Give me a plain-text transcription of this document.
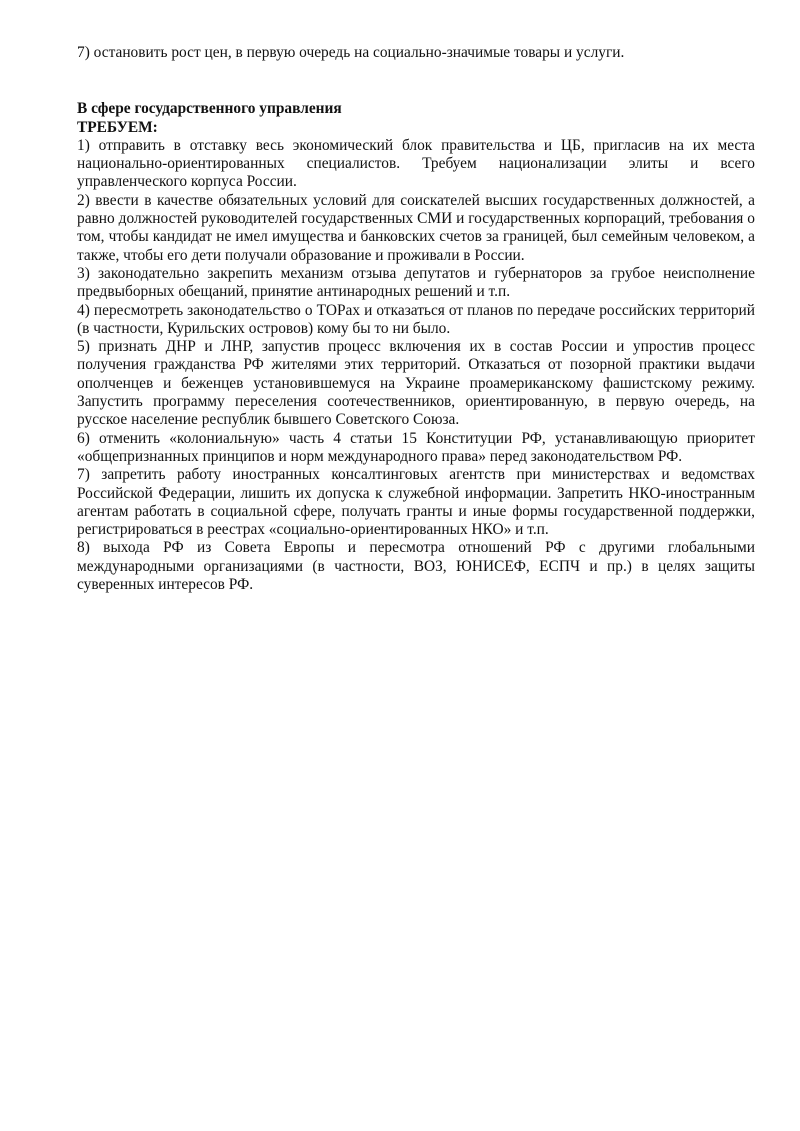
7) остановить рост цен, в первую очередь на социально-значимые товары и услуги.

В сфере государственного управления

ТРЕБУЕМ:

1) отправить в отставку весь экономический блок правительства и ЦБ, пригласив на их места национально-ориентированных специалистов. Требуем национализации элиты и всего управленческого корпуса России.

2) ввести в качестве обязательных условий для соискателей высших государственных должностей, а равно должностей руководителей государственных СМИ и государственных корпораций, требования о том, чтобы кандидат не имел имущества и банковских счетов за границей, был семейным человеком, а также, чтобы его дети получали образование и проживали в России.

3) законодательно закрепить механизм отзыва депутатов и губернаторов за грубое неисполнение предвыборных обещаний, принятие антинародных решений и т.п.

4) пересмотреть законодательство о ТОРах и отказаться от планов по передаче российских территорий (в частности, Курильских островов) кому бы то ни было.

5) признать ДНР и ЛНР, запустив процесс включения их в состав России и упростив процесс получения гражданства РФ жителями этих территорий. Отказаться от позорной практики выдачи ополченцев и беженцев установившемуся на Украине проамериканскому фашистскому режиму. Запустить программу переселения соотечественников, ориентированную, в первую очередь, на русское население республик бывшего Советского Союза.

6) отменить «колониальную» часть 4 статьи 15 Конституции РФ, устанавливающую приоритет «общепризнанных принципов и норм международного права» перед законодательством РФ.

7) запретить работу иностранных консалтинговых агентств при министерствах и ведомствах Российской Федерации, лишить их допуска к служебной информации. Запретить НКО-иностранным агентам работать в социальной сфере, получать гранты и иные формы государственной поддержки, регистрироваться в реестрах «социально-ориентированных НКО» и т.п.

8) выхода РФ из Совета Европы и пересмотра отношений РФ с другими глобальными международными организациями (в частности, ВОЗ, ЮНИСЕФ, ЕСПЧ и пр.) в целях защиты суверенных интересов РФ.
